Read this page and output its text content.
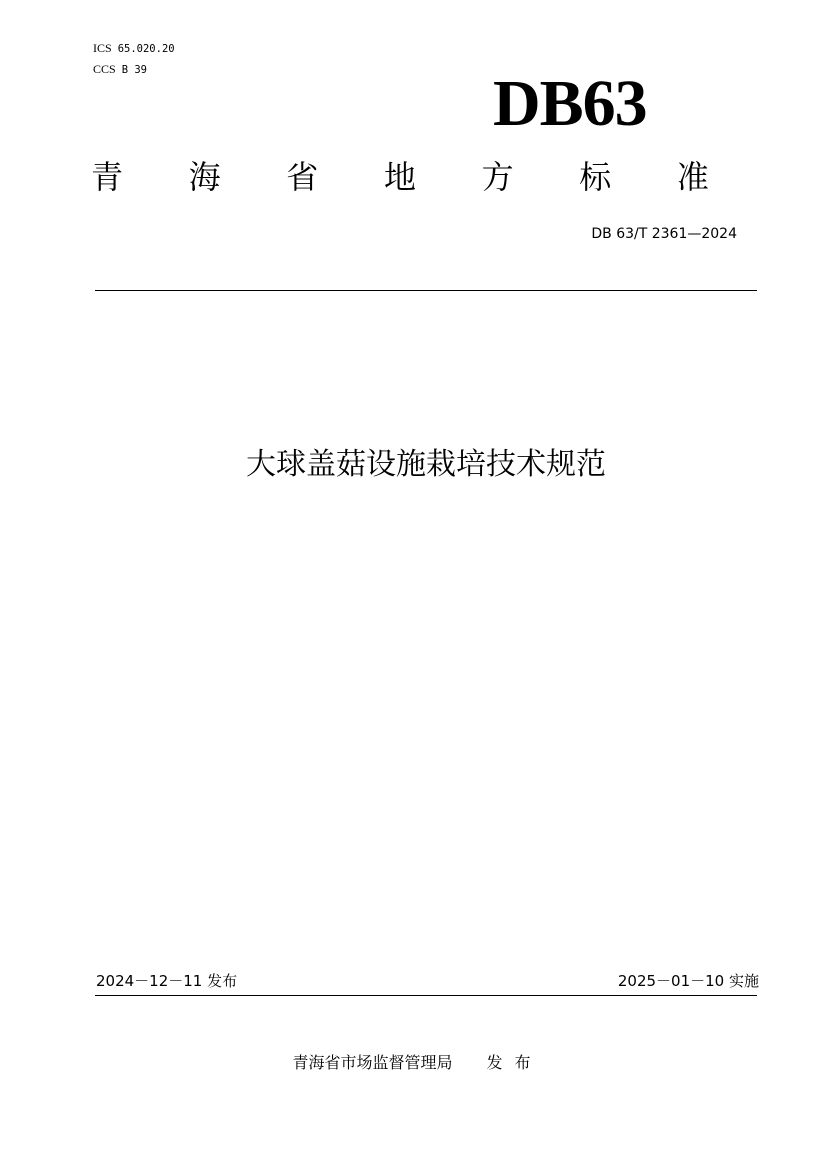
ICS 65.020.20
CCS B 39	DB63
青 海 省 地 方 标 准
DB 63/T 2361—2024
大球盖菇设施栽培技术规范
2024－12－11 发布	2025－01－10 实施
青海省市场监督管理局 发布
